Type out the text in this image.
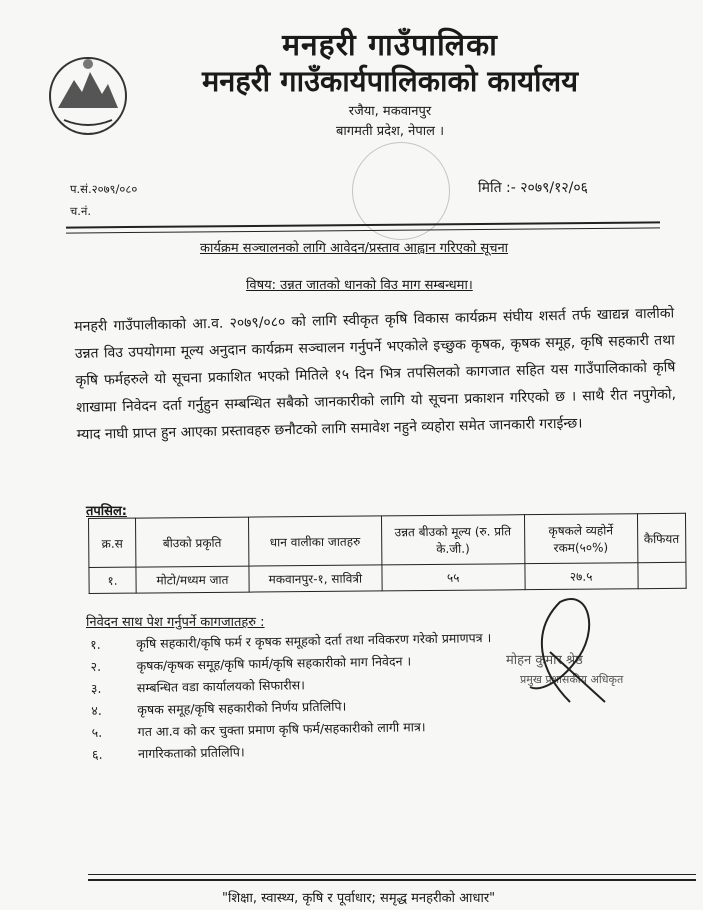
मनहरी गाउँपालिका
मनहरी गाउँकार्यपालिकाको कार्यालय
रजैया, मकवानपुर
बागमती प्रदेश, नेपाल ।
प.सं.२०७९/०८०
च.नं.
मिति :- २०७९/१२/०६
कार्यक्रम सञ्चालनको लागि आवेदन/प्रस्ताव आह्वान गरिएको सूचना
विषय: उन्नत जातको धानको विउ माग सम्बन्धमा।
मनहरी गाउँपालीकाको आ.व. २०७९/०८० को लागि स्वीकृत कृषि विकास कार्यक्रम संघीय शसर्त तर्फ खाद्यन्न वालीको उन्नत विउ उपयोगमा मूल्य अनुदान कार्यक्रम सञ्चालन गर्नुपर्ने भएकोले इच्छुक कृषक, कृषक समूह, कृषि सहकारी तथा कृषि फर्महरुले यो सूचना प्रकाशित भएको मितिले १५ दिन भित्र तपसिलको कागजात सहित यस गाउँपालिकाको कृषि शाखामा निवेदन दर्ता गर्नुहुन सम्बन्धित सबैको जानकारीको लागि यो सूचना प्रकाशन गरिएको छ । साथै रीत नपुगेको, म्याद नाघी प्राप्त हुन आएका प्रस्तावहरु छनौटको लागि समावेश नहुने व्यहोरा समेत जानकारी गराईन्छ।
तपसिल:
क्र.स	बीउको प्रकृति	धान वालीका जातहरु	उन्नत बीउको मूल्य (रु. प्रति के.जी.)	कृषकले व्यहोर्ने रकम(५०%)	कैफियत
१.	मोटो/मध्यम जात	मकवानपुर-१, सावित्री	५५	२७.५	
निवेदन साथ पेश गर्नुपर्ने कागजातहरु :
१.	कृषि सहकारी/कृषि फर्म र कृषक समूहको दर्ता तथा नविकरण गरेको प्रमाणपत्र ।
२.	कृषक/कृषक समूह/कृषि फार्म/कृषि सहकारीको माग निवेदन ।
३.	सम्बन्धित वडा कार्यालयको सिफारीस।
४.	कृषक समूह/कृषि सहकारीको निर्णय प्रतिलिपि।
५.	गत आ.व को कर चुक्ता प्रमाण कृषि फर्म/सहकारीको लागी मात्र।
६.	नागरिकताको प्रतिलिपि।
मोहन कुमार श्रेष्ठ
प्रमुख प्रशासकीय अधिकृत
"शिक्षा, स्वास्थ्य, कृषि र पूर्वाधार; समृद्ध मनहरीको आधार"
